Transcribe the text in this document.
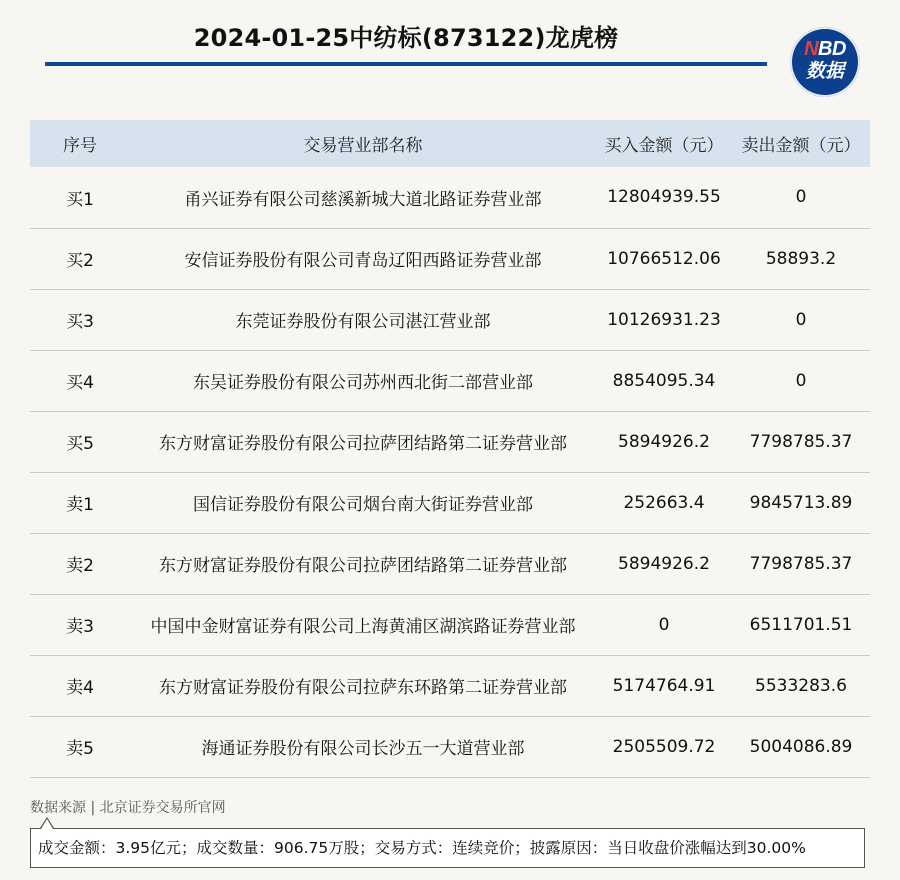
2024-01-25中纺标(873122)龙虎榜	NBD
数据
序号	交易营业部名称	买入金额（元）	卖出金额（元）
买1	甬兴证券有限公司慈溪新城大道北路证券营业部	12804939.55	0
买2	安信证券股份有限公司青岛辽阳西路证券营业部	10766512.06	58893.2
买3	东莞证券股份有限公司湛江营业部	10126931.23	0
买4	东吴证券股份有限公司苏州西北街二部营业部	8854095.34	0
买5	东方财富证券股份有限公司拉萨团结路第二证券营业部	5894926.2	7798785.37
卖1	国信证券股份有限公司烟台南大街证券营业部	252663.4	9845713.89
卖2	东方财富证券股份有限公司拉萨团结路第二证券营业部	5894926.2	7798785.37
卖3	中国中金财富证券有限公司上海黄浦区湖滨路证券营业部	0	6511701.51
卖4	东方财富证券股份有限公司拉萨东环路第二证券营业部	5174764.91	5533283.6
卖5	海通证券股份有限公司长沙五一大道营业部	2505509.72	5004086.89
数据来源 | 北京证券交易所官网
成交金额：3.95亿元；成交数量：906.75万股；交易方式：连续竞价；披露原因：当日收盘价涨幅达到30.00%
